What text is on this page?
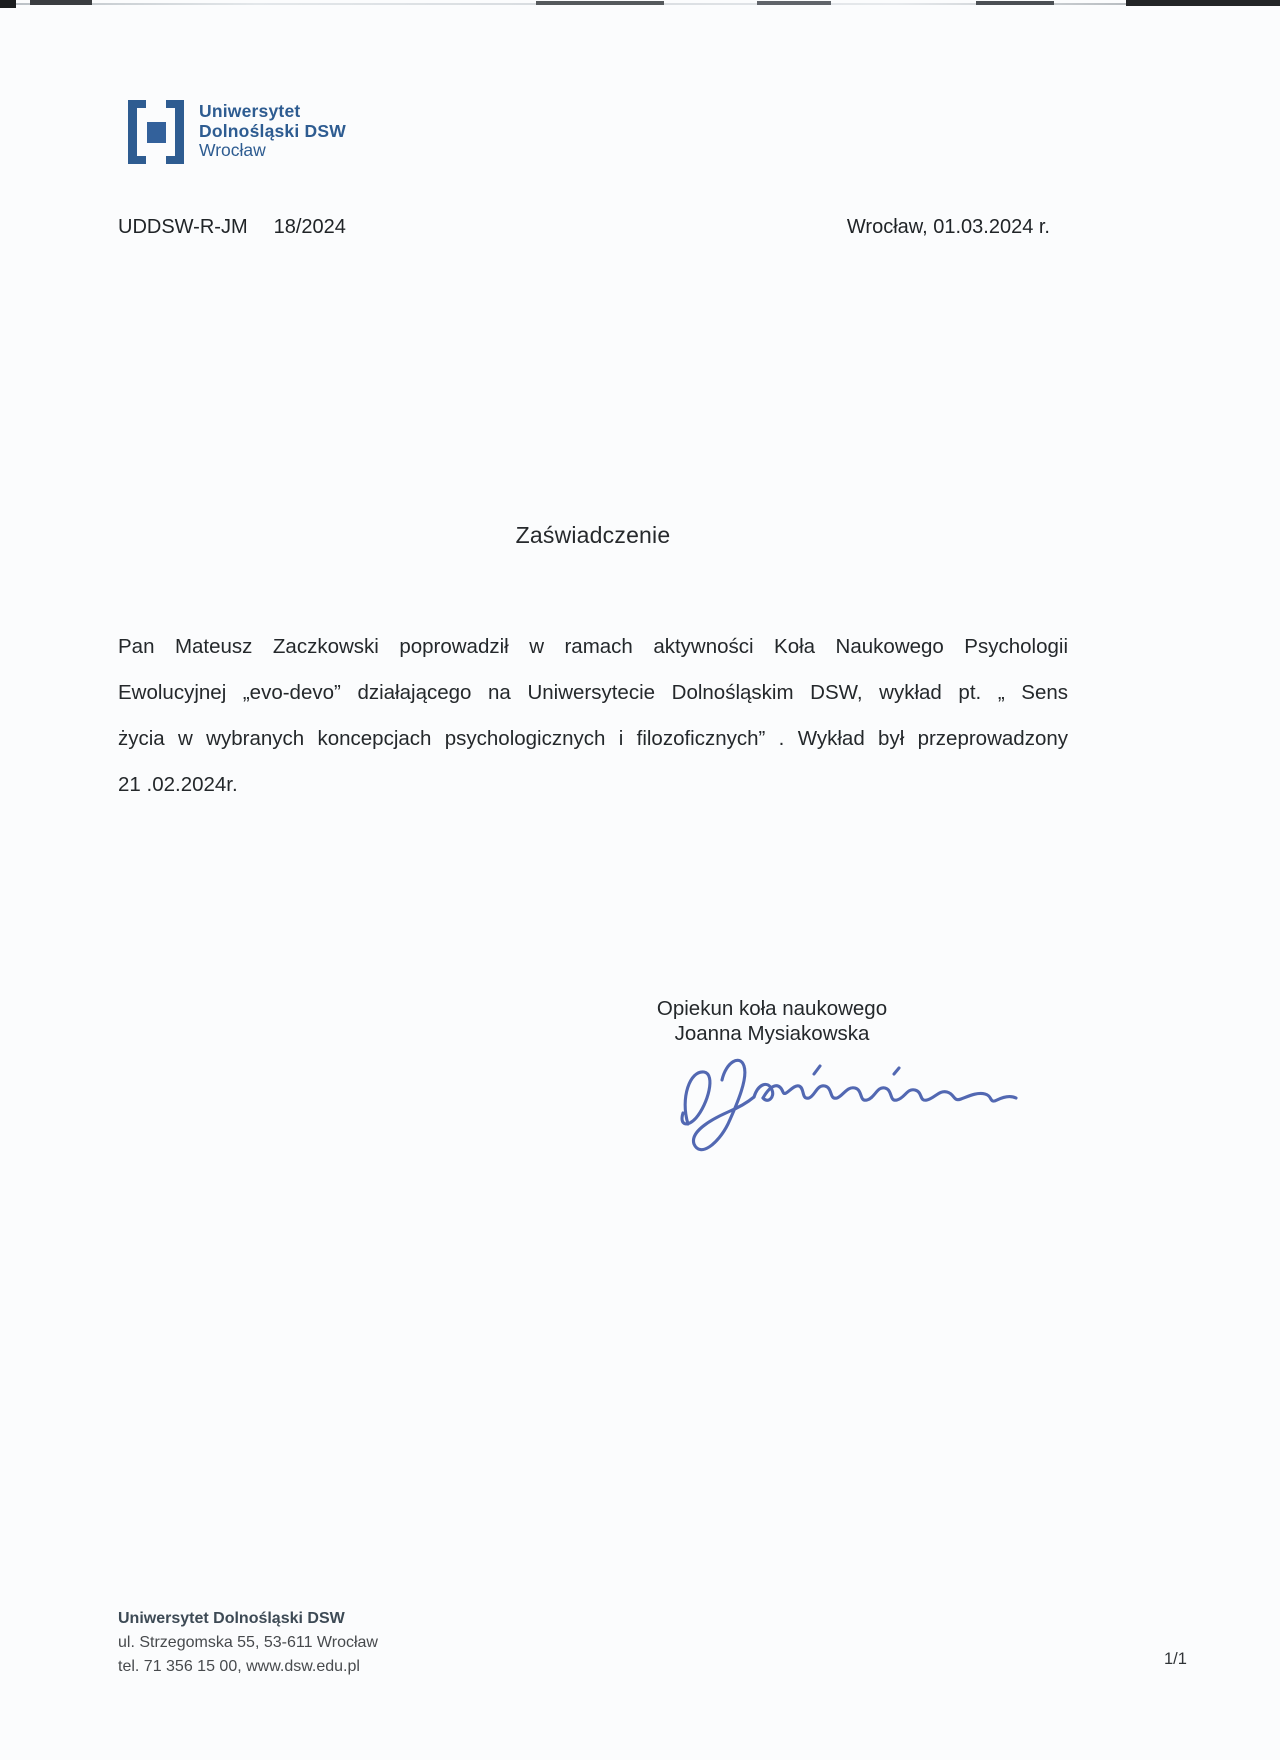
Uniwersytet
Dolnośląski DSW
Wrocław
UDDSW-R-JM 18/2024	Wrocław, 01.03.2024 r.
Zaświadczenie
Pan Mateusz Zaczkowski poprowadził w ramach aktywności Koła Naukowego Psychologii
Ewolucyjnej „evo-devo” działającego na Uniwersytecie Dolnośląskim DSW, wykład pt. „ Sens
życia w wybranych koncepcjach psychologicznych i filozoficznych” . Wykład był przeprowadzony
21 .02.2024r.
Opiekun koła naukowego
Joanna Mysiakowska
Uniwersytet Dolnośląski DSW
ul. Strzegomska 55, 53-611 Wrocław
tel. 71 356 15 00, www.dsw.edu.pl	1/1
